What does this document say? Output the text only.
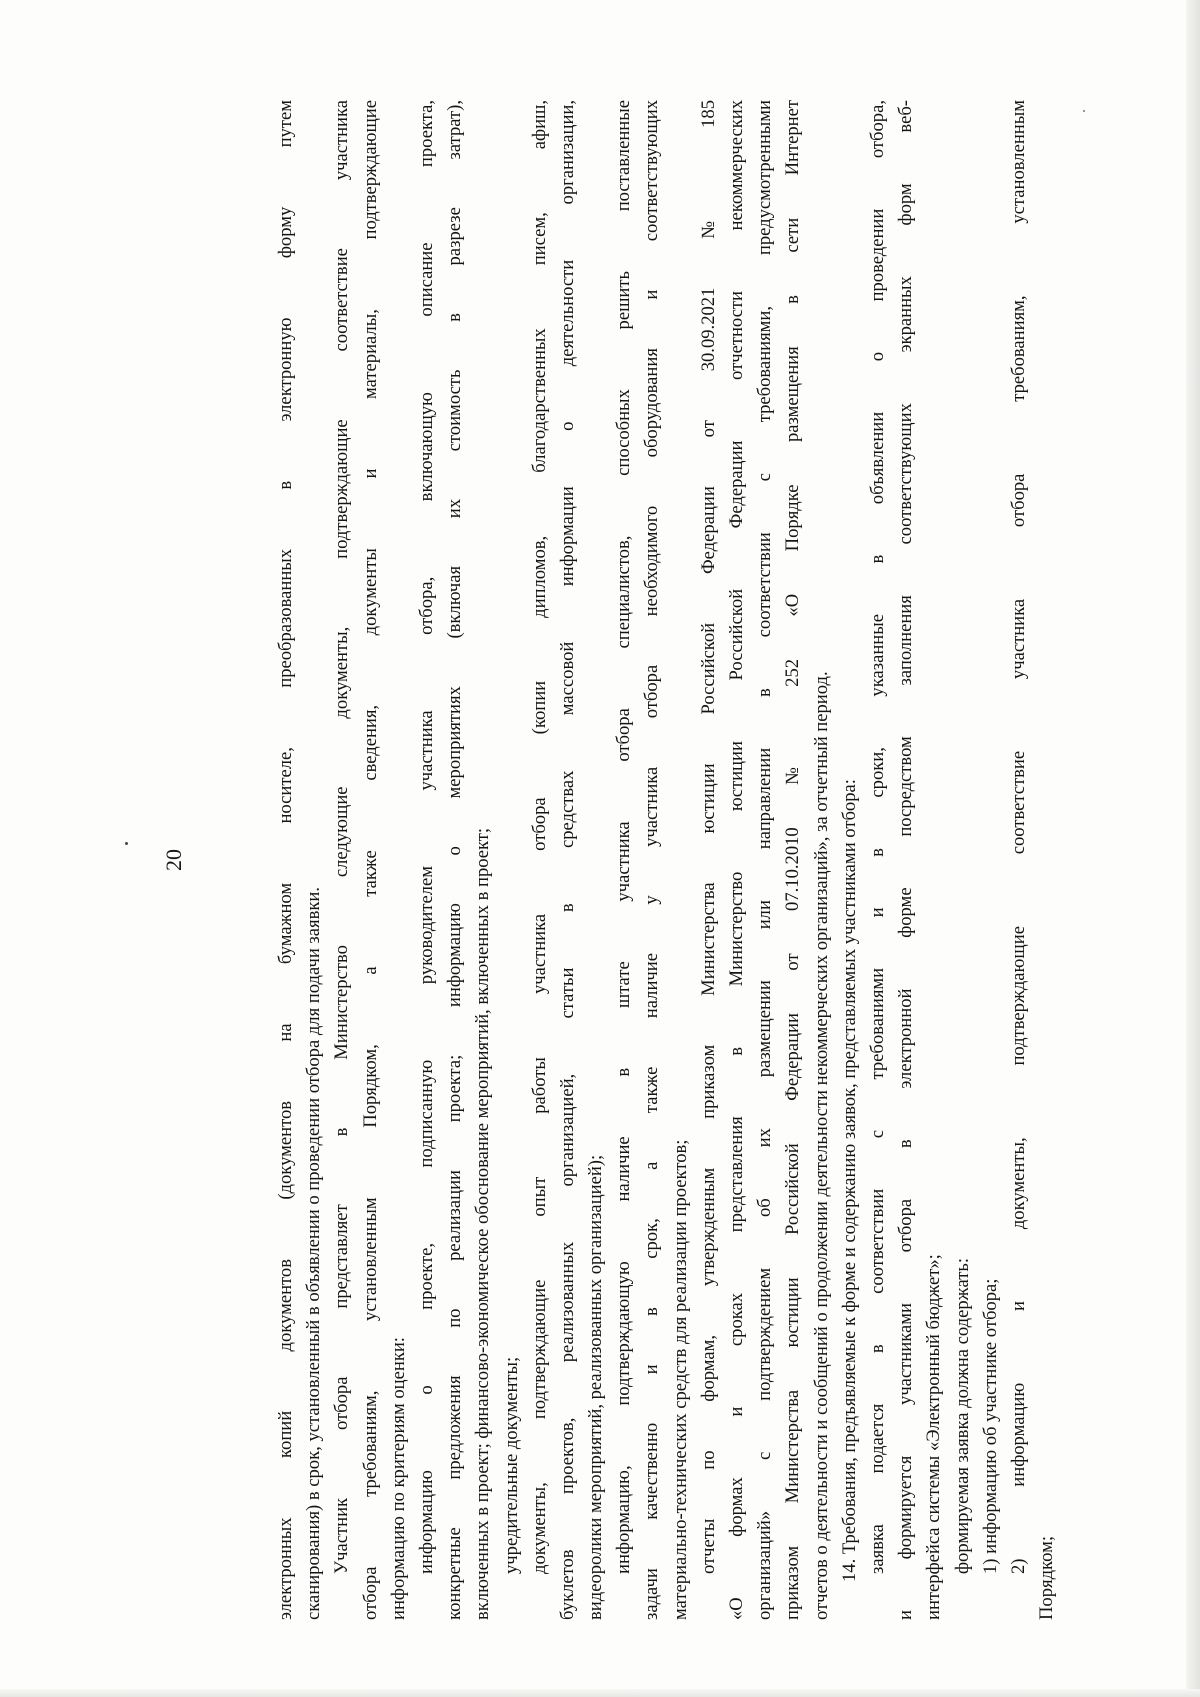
20	электронных копий документов (документов на бумажном носителе, преобразованных в электронную форму путем сканирования) в срок, установленный в объявлении о проведении отбора для подачи заявки. Участник отбора представляет в Министерство следующие документы, подтверждающие соответствие участника отбора требованиям, установленным Порядком, а также сведения, документы и материалы, подтверждающие информацию по критериям оценки: информацию о проекте, подписанную руководителем участника отбора, включающую описание проекта, конкретные предложения по реализации проекта; информацию о мероприятиях (включая их стоимость в разрезе затрат), включенных в проект; финансово-экономическое обоснование мероприятий, включенных в проект; учредительные документы; документы, подтверждающие опыт работы участника отбора (копии дипломов, благодарственных писем, афиш, буклетов проектов, реализованных организацией, статьи в средствах массовой информации о деятельности организации, видеоролики мероприятий, реализованных организацией); информацию, подтверждающую наличие в штате участника отбора специалистов, способных решить поставленные задачи качественно и в срок, а также наличие у участника отбора необходимого оборудования и соответствующих материально-технических средств для реализации проектов; отчеты по формам, утвержденным приказом Министерства юстиции Российской Федерации от 30.09.2021 № 185 «О формах и сроках представления в Министерство юстиции Российской Федерации отчетности некоммерческих организаций» с подтверждением об их размещении или направлении в соответствии с требованиями, предусмотренными приказом Министерства юстиции Российской Федерации от 07.10.2010 № 252 «О Порядке размещения в сети Интернет отчетов о деятельности и сообщений о продолжении деятельности некоммерческих организаций», за отчетный период. 14. Требования, предъявляемые к форме и содержанию заявок, представляемых участниками отбора: заявка подается в соответствии с требованиями и в сроки, указанные в объявлении о проведении отбора, и формируется участниками отбора в электронной форме посредством заполнения соответствующих экранных форм веб- интерфейса системы «Электронный бюджет»; формируемая заявка должна содержать: 1) информацию об участнике отбора; 2) информацию и документы, подтверждающие соответствие участника отбора требованиям, установленным
Порядком;
